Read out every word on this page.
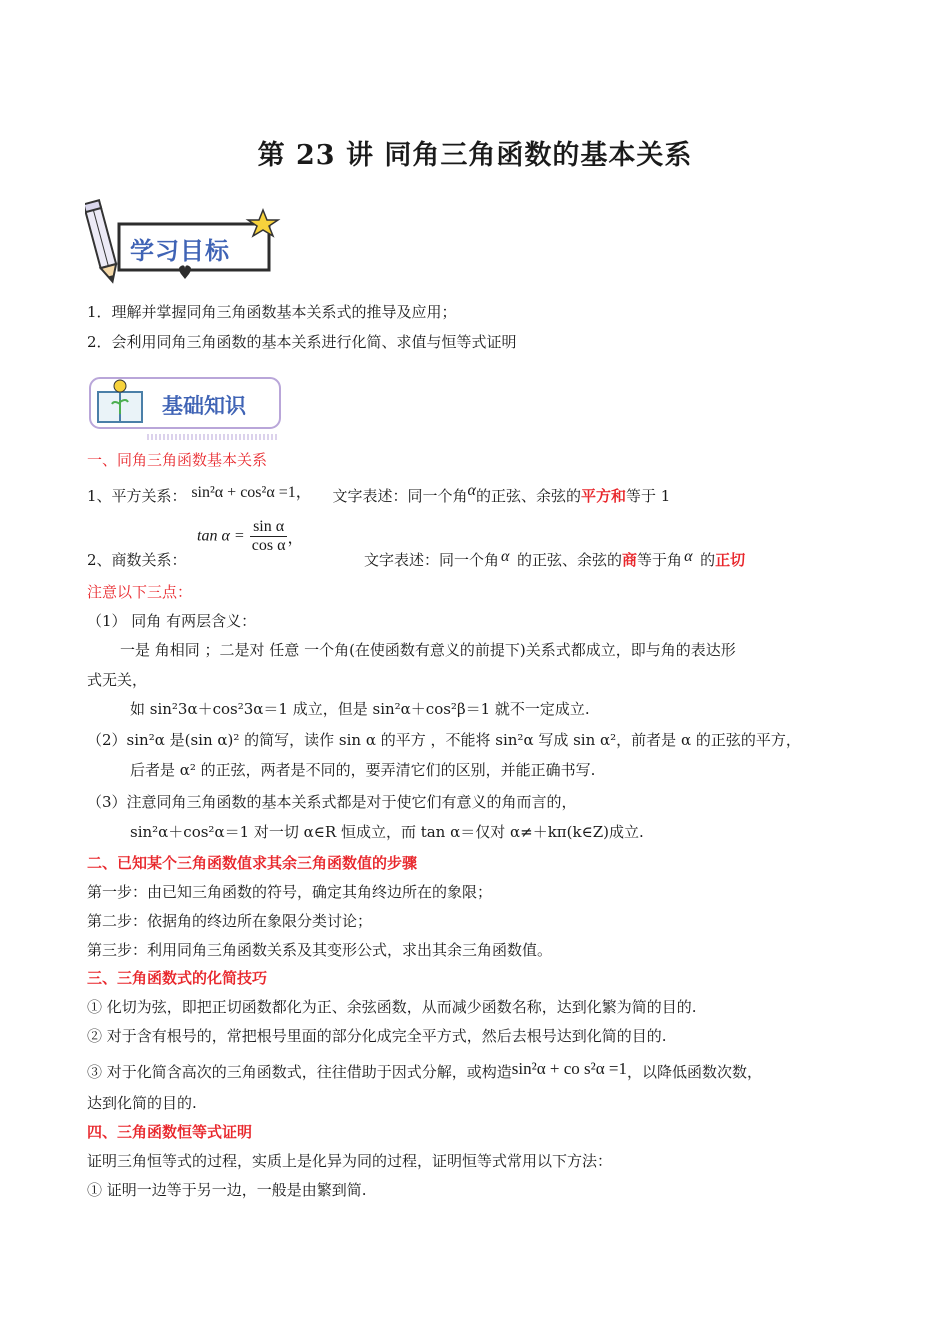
第 23 讲 同角三角函数的基本关系
学习目标
1．理解并掌握同角三角函数基本关系式的推导及应用；
2．会利用同角三角函数的基本关系进行化简、求值与恒等式证明
基础知识
一、同角三角函数基本关系
1、平方关系： sin²α + cos²α =1， 文字表述：同一个角α的正弦、余弦的平方和等于 1
2、商数关系：
$\tan \alpha = \frac{\text{sin α}}{\text{cos α}}$ ，
文字表述：同一个角 α 的正弦、余弦的商等于角 α 的正切
注意以下三点：
（1） 同角 有两层含义：
一是 角相同 ；二是对 任意 一个角(在使函数有意义的前提下)关系式都成立，即与角的表达形
式无关，
如 sin²3α＋cos²3α＝1 成立，但是 sin²α＋cos²β＝1 就不一定成立.
（2）sin²α 是(sin α)² 的简写，读作 sin α 的平方 ，不能将 sin²α 写成 sin α²，前者是 α 的正弦的平方，
后者是 α² 的正弦，两者是不同的，要弄清它们的区别，并能正确书写.
（3）注意同角三角函数的基本关系式都是对于使它们有意义的角而言的，
sin²α＋cos²α＝1 对一切 α∈R 恒成立，而 tan α＝仅对 α≠＋kπ(k∈Z)成立.
二、已知某个三角函数值求其余三角函数值的步骤
第一步：由已知三角函数的符号，确定其角终边所在的象限；
第二步：依据角的终边所在象限分类讨论；
第三步：利用同角三角函数关系及其变形公式，求出其余三角函数值。
三、三角函数式的化简技巧
① 化切为弦，即把正切函数都化为正、余弦函数，从而减少函数名称，达到化繁为简的目的.
② 对于含有根号的，常把根号里面的部分化成完全平方式，然后去根号达到化简的目的.
③ 对于化简含高次的三角函数式，往往借助于因式分解，或构造sin²α + co s²α =1，以降低函数次数，
达到化简的目的.
四、三角函数恒等式证明
证明三角恒等式的过程，实质上是化异为同的过程，证明恒等式常用以下方法：
① 证明一边等于另一边，一般是由繁到简.
